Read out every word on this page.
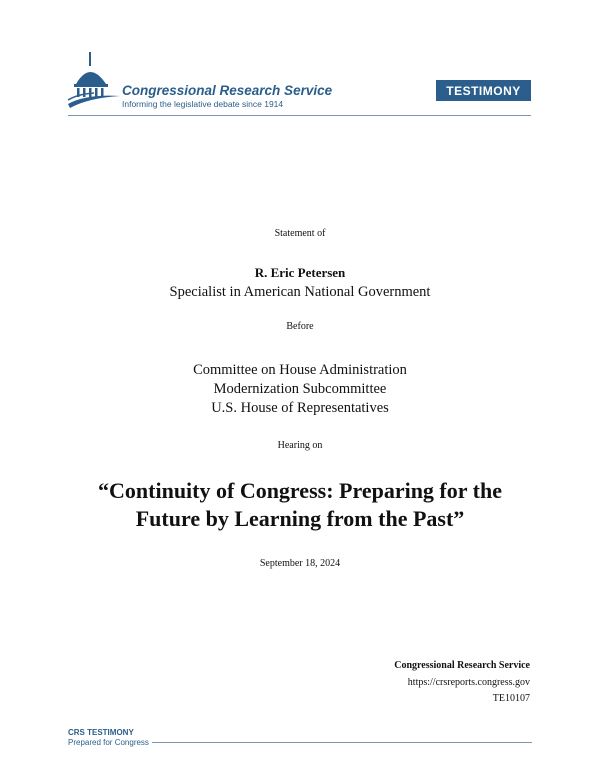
Congressional Research Service
Informing the legislative debate since 1914
TESTIMONY
Statement of
R. Eric Petersen
Specialist in American National Government
Before
Committee on House Administration
Modernization Subcommittee
U.S. House of Representatives
Hearing on
“Continuity of Congress: Preparing for the
Future by Learning from the Past”
September 18, 2024
Congressional Research Service
https://crsreports.congress.gov
TE10107
CRS TESTIMONY
Prepared for Congress
